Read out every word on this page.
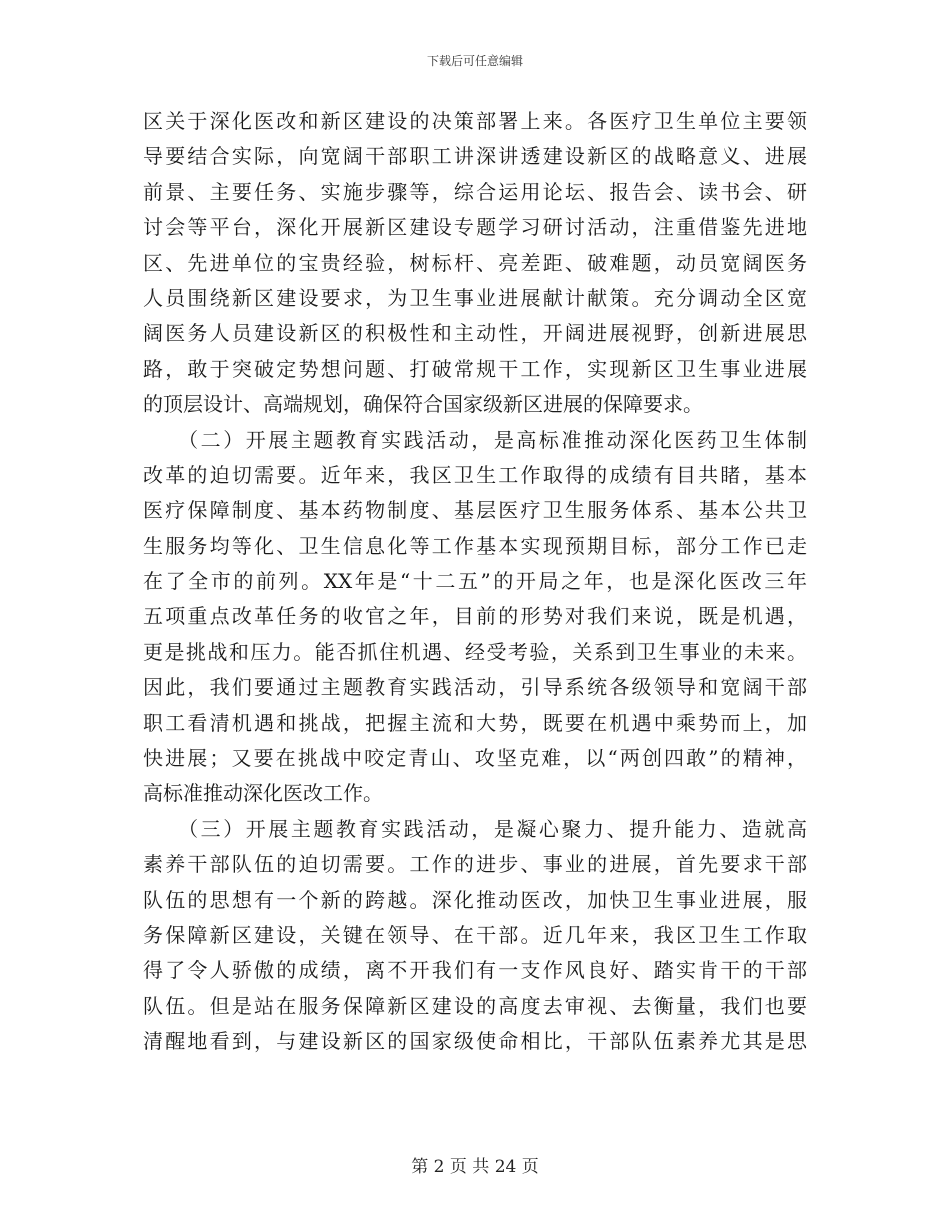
下载后可任意编辑
区关于深化医改和新区建设的决策部署上来。各医疗卫生单位主要领
导要结合实际，向宽阔干部职工讲深讲透建设新区的战略意义、进展
前景、主要任务、实施步骤等，综合运用论坛、报告会、读书会、研
讨会等平台，深化开展新区建设专题学习研讨活动，注重借鉴先进地
区、先进单位的宝贵经验，树标杆、亮差距、破难题，动员宽阔医务
人员围绕新区建设要求，为卫生事业进展献计献策。充分调动全区宽
阔医务人员建设新区的积极性和主动性，开阔进展视野，创新进展思
路，敢于突破定势想问题、打破常规干工作，实现新区卫生事业进展
的顶层设计、高端规划，确保符合国家级新区进展的保障要求。
　　（二）开展主题教育实践活动，是高标准推动深化医药卫生体制
改革的迫切需要。近年来，我区卫生工作取得的成绩有目共睹，基本
医疗保障制度、基本药物制度、基层医疗卫生服务体系、基本公共卫
生服务均等化、卫生信息化等工作基本实现预期目标，部分工作已走
在了全市的前列。XX年是“十二五”的开局之年，也是深化医改三年
五项重点改革任务的收官之年，目前的形势对我们来说，既是机遇，
更是挑战和压力。能否抓住机遇、经受考验，关系到卫生事业的未来。
因此，我们要通过主题教育实践活动，引导系统各级领导和宽阔干部
职工看清机遇和挑战，把握主流和大势，既要在机遇中乘势而上，加
快进展；又要在挑战中咬定青山、攻坚克难，以“两创四敢”的精神，
高标准推动深化医改工作。
　　（三）开展主题教育实践活动，是凝心聚力、提升能力、造就高
素养干部队伍的迫切需要。工作的进步、事业的进展，首先要求干部
队伍的思想有一个新的跨越。深化推动医改，加快卫生事业进展，服
务保障新区建设，关键在领导、在干部。近几年来，我区卫生工作取
得了令人骄傲的成绩，离不开我们有一支作风良好、踏实肯干的干部
队伍。但是站在服务保障新区建设的高度去审视、去衡量，我们也要
清醒地看到，与建设新区的国家级使命相比，干部队伍素养尤其是思
第 2 页 共 24 页
